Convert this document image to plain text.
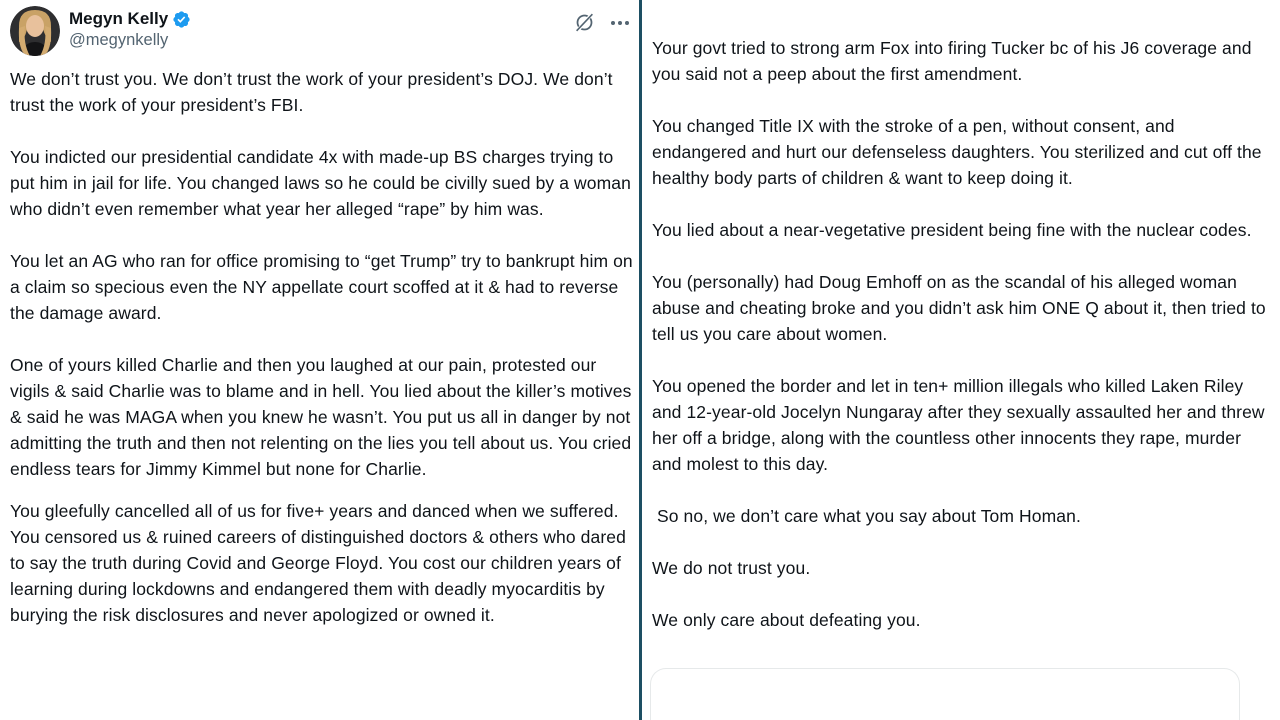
Megyn Kelly
@megynkelly

We don’t trust you. We don’t trust the work of your president’s DOJ. We don’t trust the work of your president’s FBI.

You indicted our presidential candidate 4x with made-up BS charges trying to put him in jail for life. You changed laws so he could be civilly sued by a woman who didn’t even remember what year her alleged “rape” by him was.

You let an AG who ran for office promising to “get Trump” try to bankrupt him on a claim so specious even the NY appellate court scoffed at it & had to reverse the damage award.

One of yours killed Charlie and then you laughed at our pain, protested our vigils & said Charlie was to blame and in hell. You lied about the killer’s motives & said he was MAGA when you knew he wasn’t. You put us all in danger by not admitting the truth and then not relenting on the lies you tell about us. You cried endless tears for Jimmy Kimmel but none for Charlie.

You gleefully cancelled all of us for five+ years and danced when we suffered. You censored us & ruined careers of distinguished doctors & others who dared to say the truth during Covid and George Floyd. You cost our children years of learning during lockdowns and endangered them with deadly myocarditis by burying the risk disclosures and never apologized or owned it.

Your govt tried to strong arm Fox into firing Tucker bc of his J6 coverage and you said not a peep about the first amendment.

You changed Title IX with the stroke of a pen, without consent, and endangered and hurt our defenseless daughters. You sterilized and cut off the healthy body parts of children & want to keep doing it.

You lied about a near-vegetative president being fine with the nuclear codes.

You (personally) had Doug Emhoff on as the scandal of his alleged woman abuse and cheating broke and you didn’t ask him ONE Q about it, then tried to tell us you care about women.

You opened the border and let in ten+ million illegals who killed Laken Riley and 12-year-old Jocelyn Nungaray after they sexually assaulted her and threw her off a bridge, along with the countless other innocents they rape, murder and molest to this day.

So no, we don’t care what you say about Tom Homan.

We do not trust you.

We only care about defeating you.
